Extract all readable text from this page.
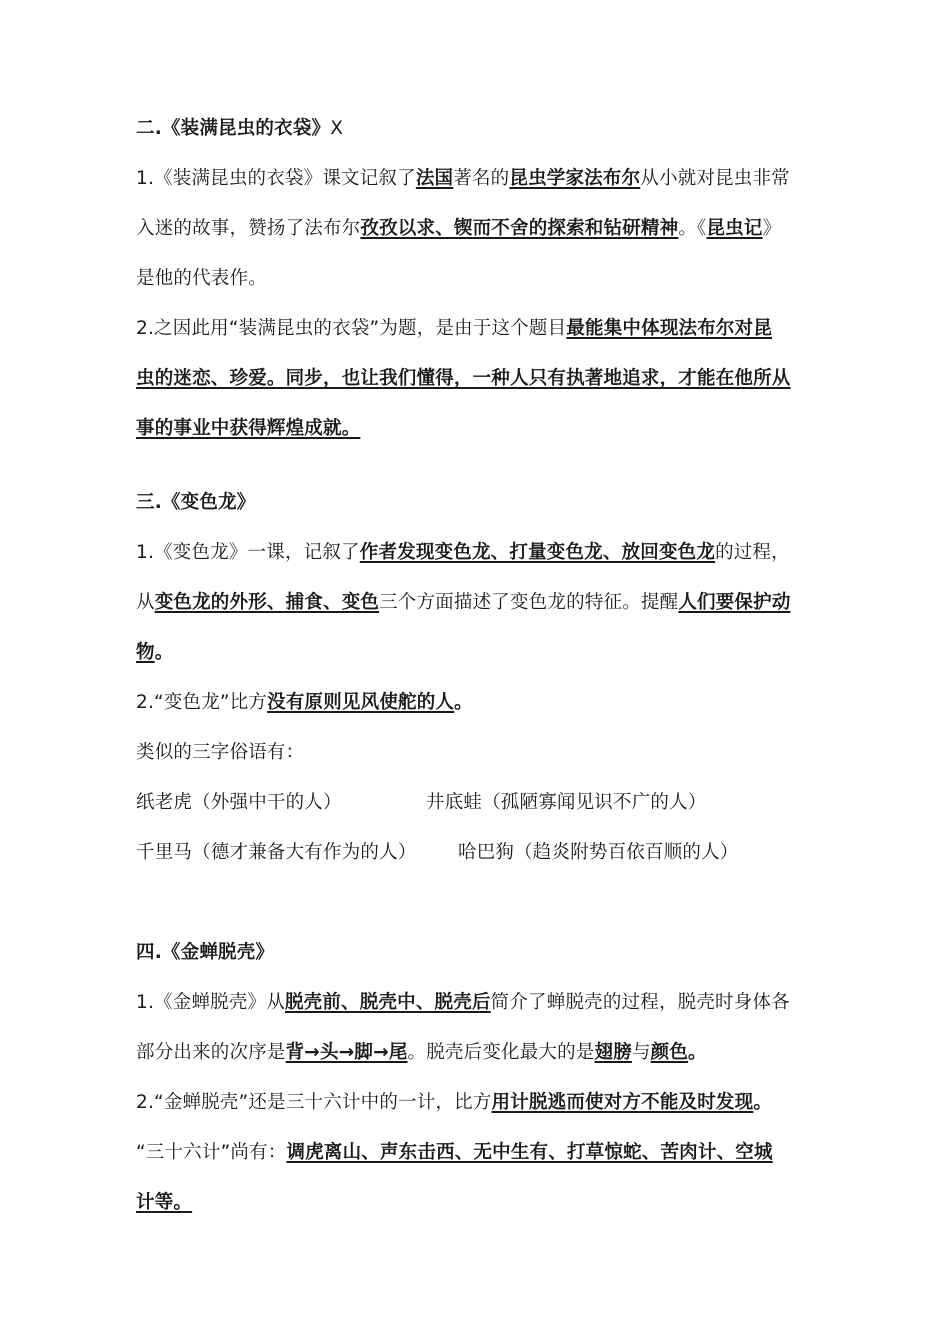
二.《装满昆虫的衣袋》X
1.《装满昆虫的衣袋》课文记叙了法国著名的昆虫学家法布尔从小就对昆虫非常
入迷的故事，赞扬了法布尔孜孜以求、锲而不舍的探索和钻研精神。《昆虫记》
是他的代表作。
2.之因此用“装满昆虫的衣袋”为题，是由于这个题目最能集中体现法布尔对昆
虫的迷恋、珍爱。同步，也让我们懂得，一种人只有执著地追求，才能在他所从
事的事业中获得辉煌成就。
三.《变色龙》
1.《变色龙》一课，记叙了作者发现变色龙、打量变色龙、放回变色龙的过程，
从变色龙的外形、捕食、变色三个方面描述了变色龙的特征。提醒人们要保护动
物。
2.“变色龙”比方没有原则见风使舵的人。
类似的三字俗语有：
纸老虎（外强中干的人）	井底蛙（孤陋寡闻见识不广的人）
千里马（德才兼备大有作为的人） 哈巴狗（趋炎附势百依百顺的人）
四.《金蝉脱壳》
1.《金蝉脱壳》从脱壳前、脱壳中、脱壳后简介了蝉脱壳的过程，脱壳时身体各
部分出来的次序是背→头→脚→尾。脱壳后变化最大的是翅膀与颜色。
2.“金蝉脱壳”还是三十六计中的一计，比方用计脱逃而使对方不能及时发现。
“三十六计”尚有：调虎离山、声东击西、无中生有、打草惊蛇、苦肉计、空城
计等。
